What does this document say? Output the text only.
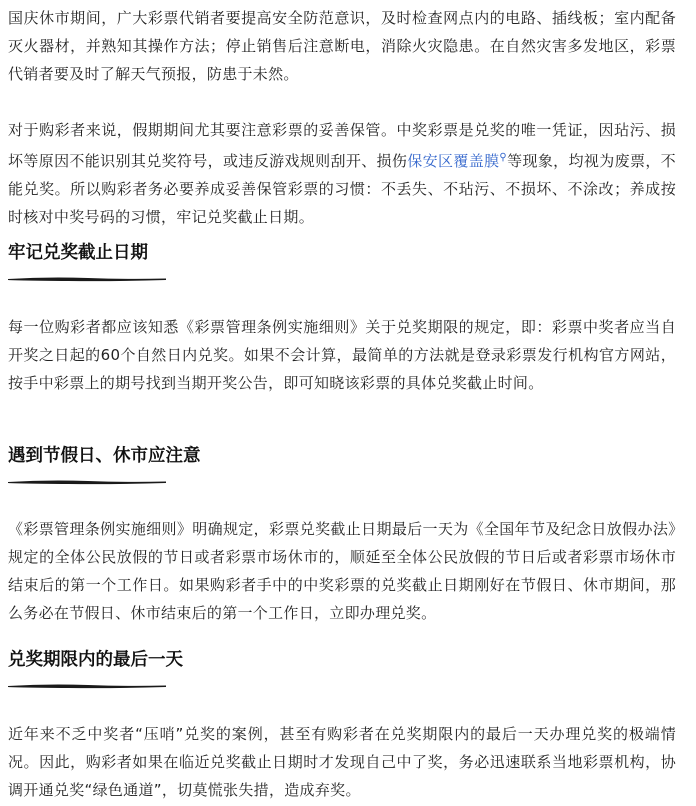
国庆休市期间，广大彩票代销者要提高安全防范意识，及时检查网点内的电路、插线板；室内配备灭火器材，并熟知其操作方法；停止销售后注意断电，消除火灾隐患。在自然灾害多发地区，彩票代销者要及时了解天气预报，防患于未然。

对于购彩者来说，假期期间尤其要注意彩票的妥善保管。中奖彩票是兑奖的唯一凭证，因玷污、损坏等原因不能识别其兑奖符号，或违反游戏规则刮开、损伤保安区覆盖膜⚲等现象，均视为废票，不能兑奖。所以购彩者务必要养成妥善保管彩票的习惯：不丢失、不玷污、不损坏、不涂改；养成按时核对中奖号码的习惯，牢记兑奖截止日期。

牢记兑奖截止日期

每一位购彩者都应该知悉《彩票管理条例实施细则》关于兑奖期限的规定，即：彩票中奖者应当自开奖之日起的60个自然日内兑奖。如果不会计算，最简单的方法就是登录彩票发行机构官方网站，按手中彩票上的期号找到当期开奖公告，即可知晓该彩票的具体兑奖截止时间。

遇到节假日、休市应注意

《彩票管理条例实施细则》明确规定，彩票兑奖截止日期最后一天为《全国年节及纪念日放假办法》规定的全体公民放假的节日或者彩票市场休市的，顺延至全体公民放假的节日后或者彩票市场休市结束后的第一个工作日。如果购彩者手中的中奖彩票的兑奖截止日期刚好在节假日、休市期间，那么务必在节假日、休市结束后的第一个工作日，立即办理兑奖。

兑奖期限内的最后一天

近年来不乏中奖者“压哨”兑奖的案例，甚至有购彩者在兑奖期限内的最后一天办理兑奖的极端情况。因此，购彩者如果在临近兑奖截止日期时才发现自己中了奖，务必迅速联系当地彩票机构，协调开通兑奖“绿色通道”，切莫慌张失措，造成弃奖。
